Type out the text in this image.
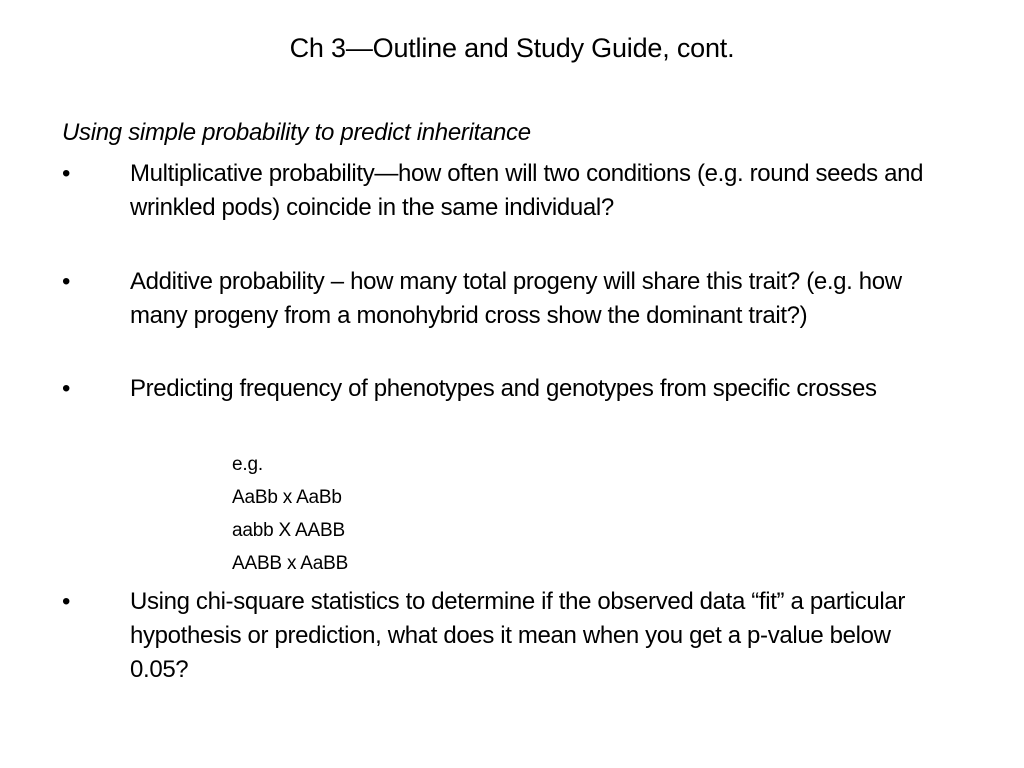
Ch 3—Outline and Study Guide, cont.
Using simple probability to predict inheritance
• Multiplicative probability—how often will two conditions (e.g. round seeds and wrinkled pods) coincide in the same individual?
• Additive probability – how many total progeny will share this trait? (e.g. how many progeny from a monohybrid cross show the dominant trait?)
• Predicting frequency of phenotypes and genotypes from specific crosses
e.g.
AaBb x AaBb
aabb X AABB
AABB x AaBB
• Using chi-square statistics to determine if the observed data “fit” a particular hypothesis or prediction, what does it mean when you get a p-value below 0.05?
